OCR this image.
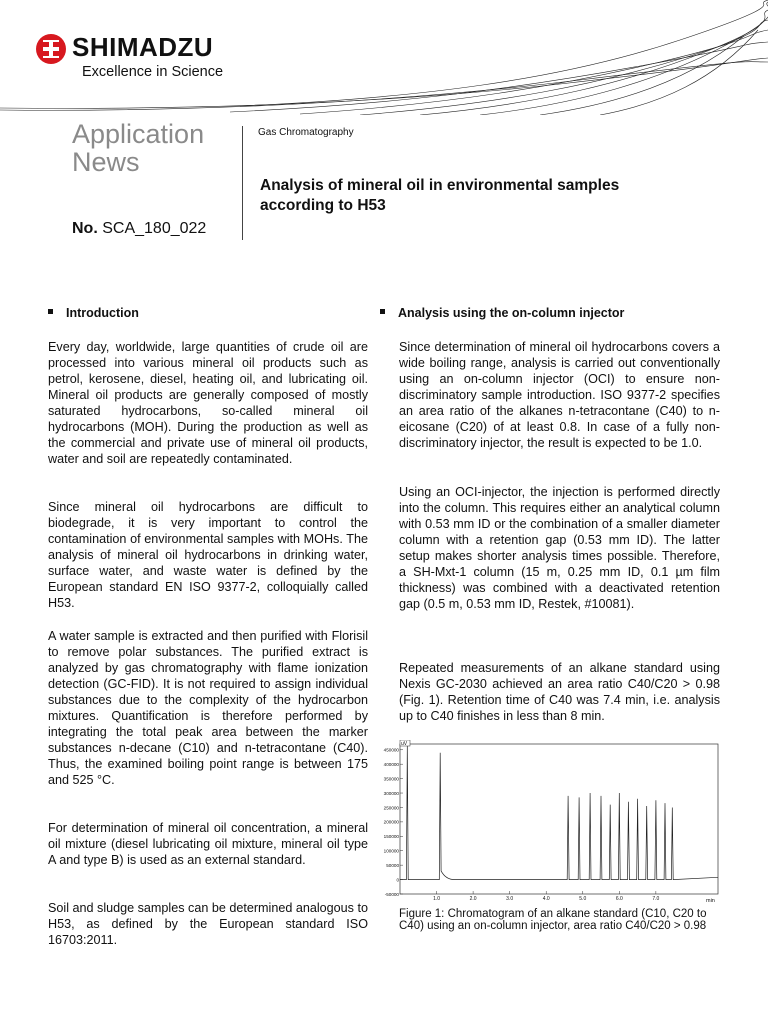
SHIMADZU
Excellence in Science
Application
News
No. SCA_180_022
Gas Chromatography
Analysis of mineral oil in environmental samples
according to H53
Introduction
Every day, worldwide, large quantities of crude oil are processed into various mineral oil products such as petrol, kerosene, diesel, heating oil, and lubricating oil. Mineral oil products are generally composed of mostly saturated hydrocarbons, so-called mineral oil hydrocarbons (MOH). During the production as well as the commercial and private use of mineral oil products, water and soil are repeatedly contaminated.
Since mineral oil hydrocarbons are difficult to biodegrade, it is very important to control the contamination of environmental samples with MOHs. The analysis of mineral oil hydrocarbons in drinking water, surface water, and waste water is defined by the European standard EN ISO 9377-2, colloquially called H53.
A water sample is extracted and then purified with Florisil to remove polar substances. The purified extract is analyzed by gas chromatography with flame ionization detection (GC-FID). It is not required to assign individual substances due to the complexity of the hydrocarbon mixtures. Quantification is therefore performed by integrating the total peak area between the marker substances n-decane (C10) and n-tetracontane (C40). Thus, the examined boiling point range is between 175 and 525 °C.
For determination of mineral oil concentration, a mineral oil mixture (diesel lubricating oil mixture, mineral oil type A and type B) is used as an external standard.
Soil and sludge samples can be determined analogous to H53, as defined by the European standard ISO 16703:2011.
Analysis using the on-column injector
Since determination of mineral oil hydrocarbons covers a wide boiling range, analysis is carried out conventionally using an on-column injector (OCI) to ensure non-discriminatory sample introduction. ISO 9377-2 specifies an area ratio of the alkanes n-tetracontane (C40) to n-eicosane (C20) of at least 0.8. In case of a fully non-discriminatory injector, the result is expected to be 1.0.
Using an OCI-injector, the injection is performed directly into the column. This requires either an analytical column with 0.53 mm ID or the combination of a smaller diameter column with a retention gap (0.53 mm ID). The latter setup makes shorter analysis times possible. Therefore, a SH-Mxt-1 column (15 m, 0.25 mm ID, 0.1 µm film thickness) was combined with a deactivated retention gap (0.5 m, 0.53 mm ID, Restek, #10081).
Repeated measurements of an alkane standard using Nexis GC-2030 achieved an area ratio C40/C20 > 0.98 (Fig. 1). Retention time of C40 was 7.4 min, i.e. analysis up to C40 finishes in less than 8 min.
-50000
0
50000
100000
150000
200000
250000
300000
350000
400000
450000
1.0	2.0	3.0	4.0	5.0	6.0	7.0
uV
min
Figure 1: Chromatogram of an alkane standard (C10, C20 to C40) using an on-column injector, area ratio C40/C20 > 0.98
